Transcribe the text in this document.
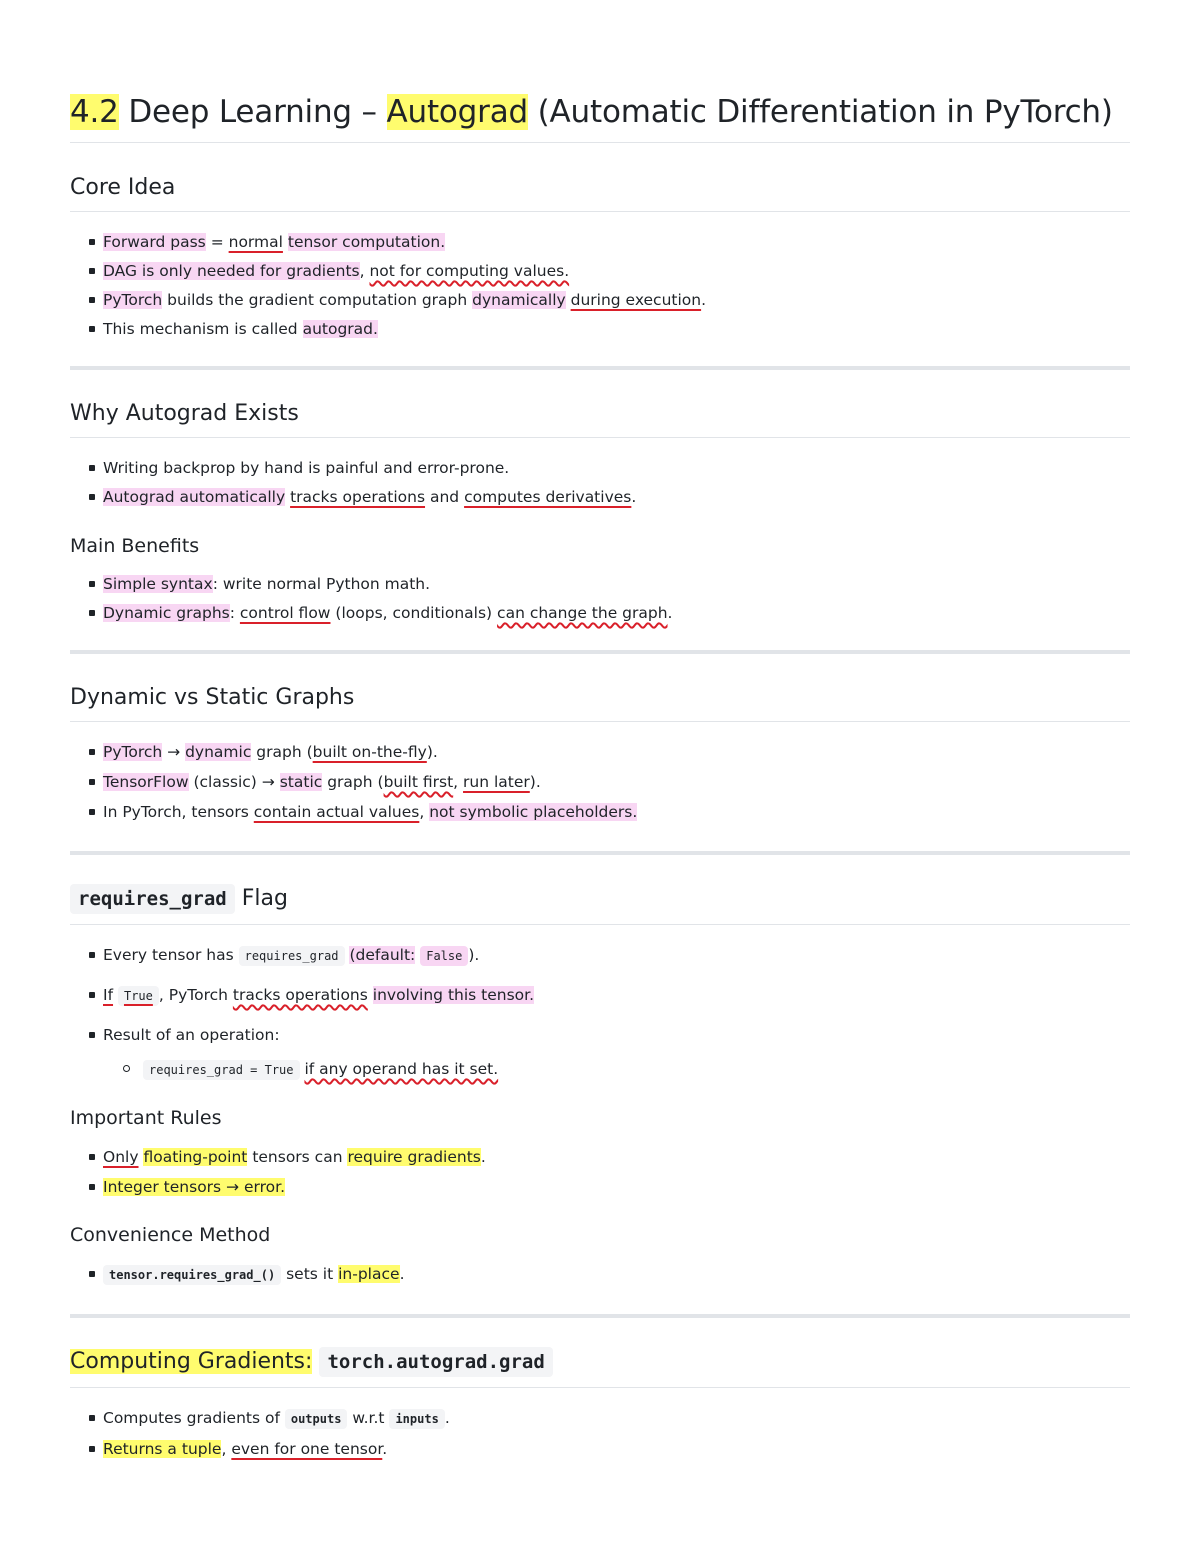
4.2 Deep Learning – Autograd (Automatic Differentiation in PyTorch)
Core Idea
Forward pass = normal tensor computation.
DAG is only needed for gradients, not for computing values.
PyTorch builds the gradient computation graph dynamically during execution.
This mechanism is called autograd.
Why Autograd Exists
Writing backprop by hand is painful and error-prone.
Autograd automatically tracks operations and computes derivatives.
Main Benefits
Simple syntax: write normal Python math.
Dynamic graphs: control flow (loops, conditionals) can change the graph.
Dynamic vs Static Graphs
PyTorch → dynamic graph (built on-the-fly).
TensorFlow (classic) → static graph (built first, run later).
In PyTorch, tensors contain actual values, not symbolic placeholders.
requires_grad Flag
Every tensor has requires_grad (default: False ).
If True , PyTorch tracks operations involving this tensor.
Result of an operation:
requires_grad = True if any operand has it set.
Important Rules
Only floating-point tensors can require gradients.
Integer tensors → error.
Convenience Method
tensor.requires_grad_() sets it in-place.
Computing Gradients: torch.autograd.grad
Computes gradients of outputs w.r.t inputs .
Returns a tuple, even for one tensor.
